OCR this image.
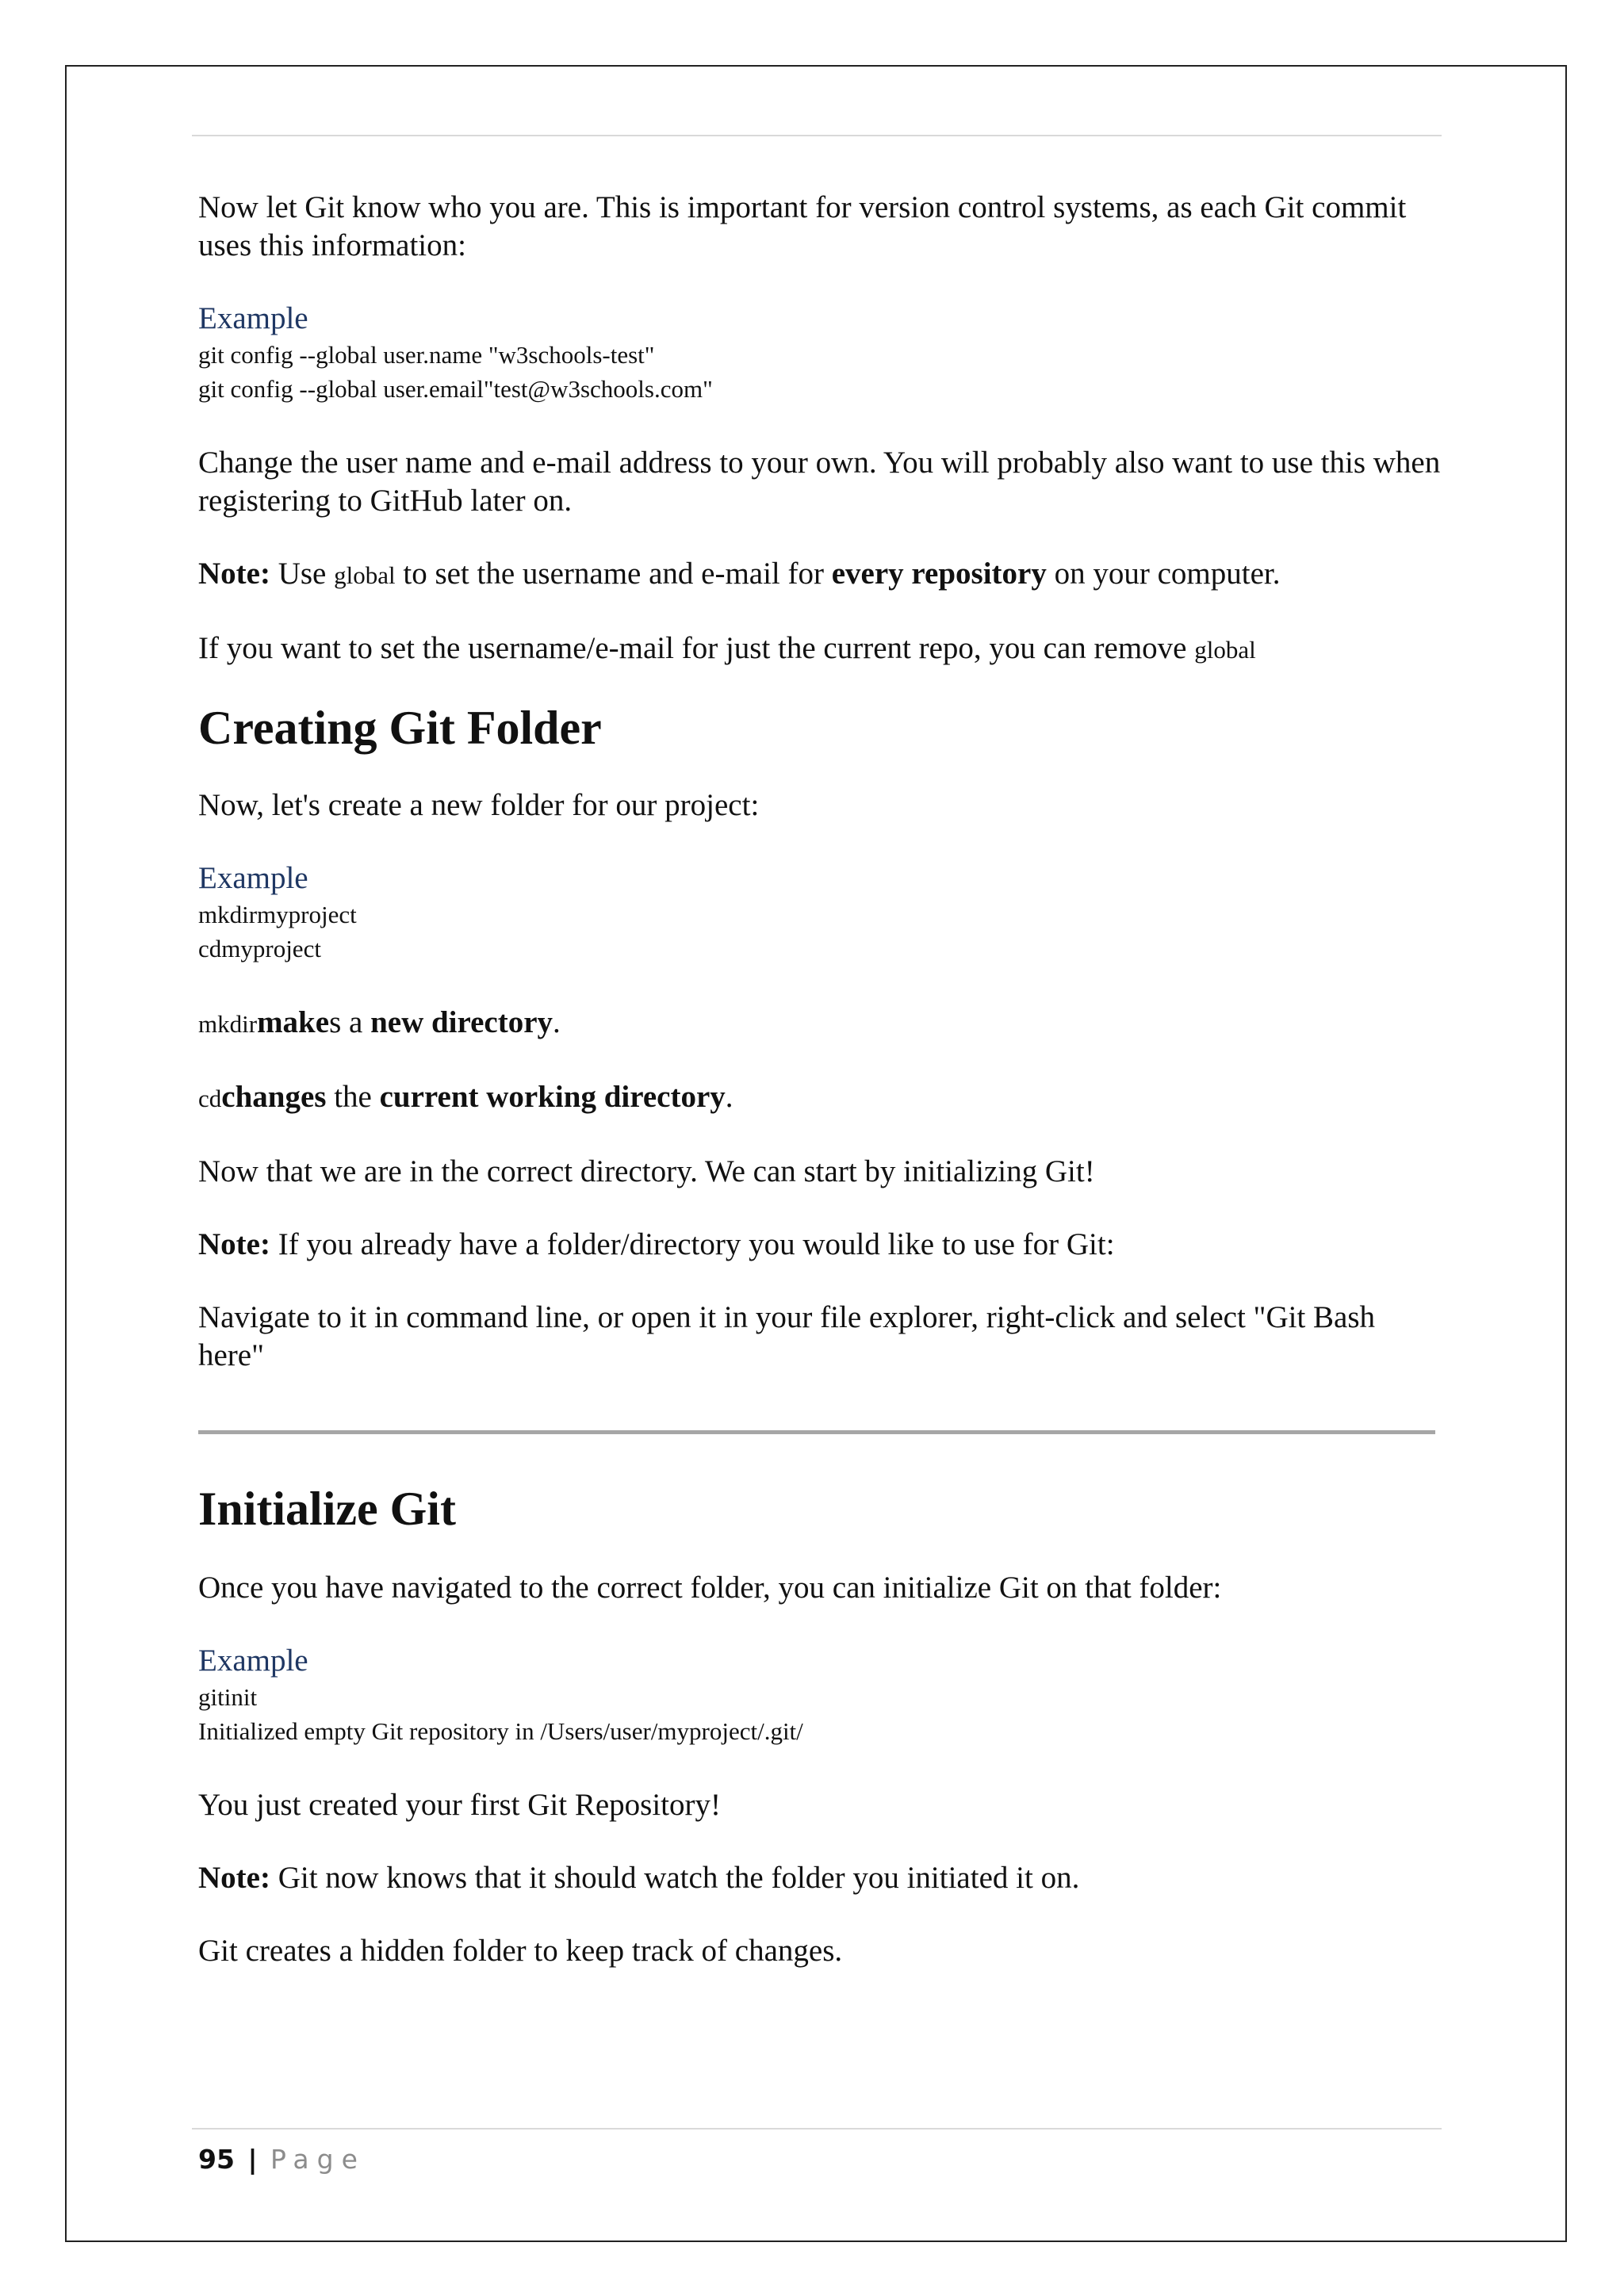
Now let Git know who you are. This is important for version control systems, as each Git commit uses this information:

Example

git config --global user.name "w3schools-test"

git config --global user.email"test@w3schools.com"

Change the user name and e-mail address to your own. You will probably also want to use this when registering to GitHub later on.

Note: Use global to set the username and e-mail for every repository on your computer.

If you want to set the username/e-mail for just the current repo, you can remove global

Creating Git Folder

Now, let's create a new folder for our project:

Example

mkdirmyproject

cdmyproject

mkdirmakes a new directory.

cdchanges the current working directory.

Now that we are in the correct directory. We can start by initializing Git!

Note: If you already have a folder/directory you would like to use for Git:

Navigate to it in command line, or open it in your file explorer, right-click and select "Git Bash here"

Initialize Git

Once you have navigated to the correct folder, you can initialize Git on that folder:

Example

gitinit

Initialized empty Git repository in /Users/user/myproject/.git/

You just created your first Git Repository!

Note: Git now knows that it should watch the folder you initiated it on.

Git creates a hidden folder to keep track of changes.

95 | Page
